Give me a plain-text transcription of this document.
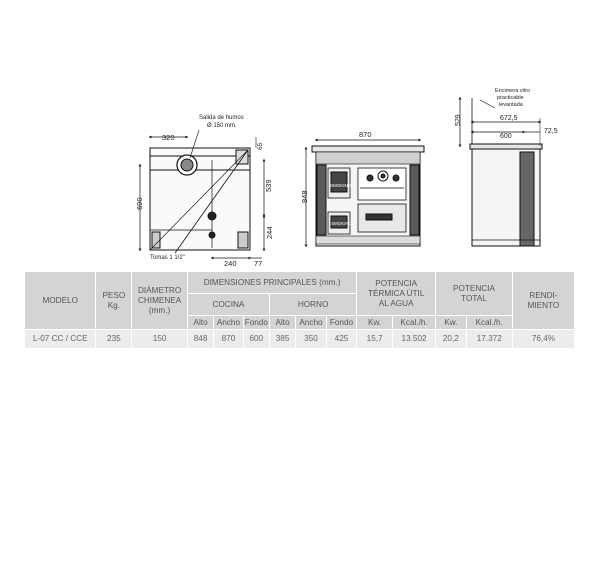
320
Salida de humos
Ø 150 mm.
65
690
539
244
240 77
Tomas 1 1/2"
SMOKING
SMOKING
870
848
Encimera vitro
practicable
levantada
529	672,5
600
72,5
MODELO	PESO
Kg.	DIÁMETRO
CHIMENEA
(mm.)	DIMENSIONES PRINCIPALES (mm.)						POTENCIA
TÉRMICA ÚTIL
AL AGUA		POTENCIA
TOTAL		RENDI-
MIENTO
			COCINA			HORNO							
			Alto	Ancho	Fondo	Alto	Ancho	Fondo	Kw.	Kcal./h.	Kw.	Kcal./h.	
L-07 CC / CCE	235	150	848	870	600	385	350	425	15,7	13.502	20,2	17.372	76,4%
